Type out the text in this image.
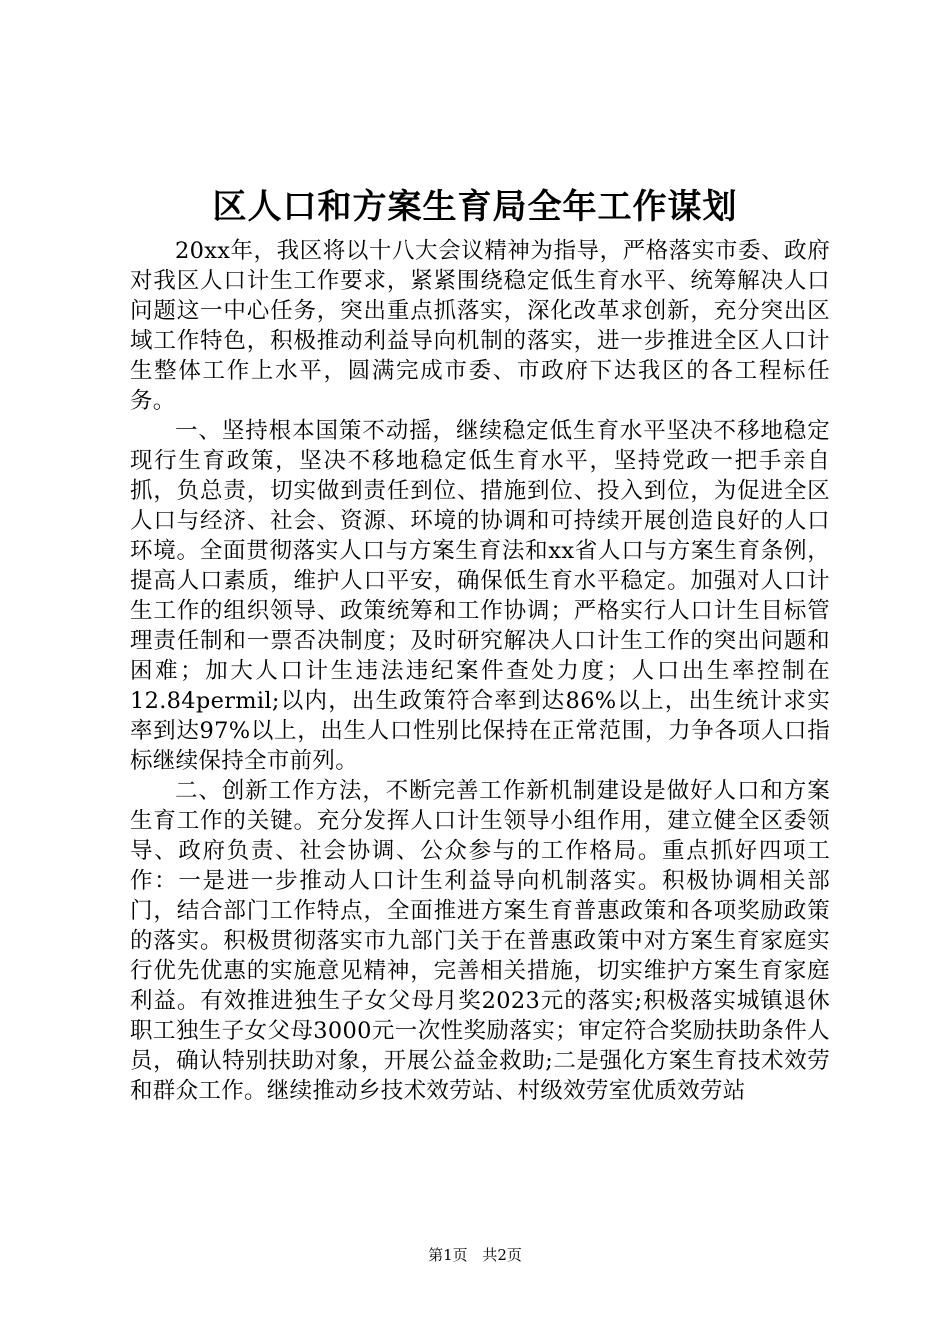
区人口和方案生育局全年工作谋划

20xx年，我区将以十八大会议精神为指导，严格落实市委、政府对我区人口计生工作要求，紧紧围绕稳定低生育水平、统筹解决人口问题这一中心任务，突出重点抓落实，深化改革求创新，充分突出区域工作特色，积极推动利益导向机制的落实，进一步推进全区人口计生整体工作上水平，圆满完成市委、市政府下达我区的各工程标任务。

一、坚持根本国策不动摇，继续稳定低生育水平坚决不移地稳定现行生育政策，坚决不移地稳定低生育水平，坚持党政一把手亲自抓，负总责，切实做到责任到位、措施到位、投入到位，为促进全区人口与经济、社会、资源、环境的协调和可持续开展创造良好的人口环境。全面贯彻落实人口与方案生育法和xx省人口与方案生育条例，提高人口素质，维护人口平安，确保低生育水平稳定。加强对人口计生工作的组织领导、政策统筹和工作协调；严格实行人口计生目标管理责任制和一票否决制度；及时研究解决人口计生工作的突出问题和困难；加大人口计生违法违纪案件查处力度；人口出生率控制在12.84permil;以内，出生政策符合率到达86%以上，出生统计求实率到达97%以上，出生人口性别比保持在正常范围，力争各项人口指标继续保持全市前列。

二、创新工作方法，不断完善工作新机制建设是做好人口和方案生育工作的关键。充分发挥人口计生领导小组作用，建立健全区委领导、政府负责、社会协调、公众参与的工作格局。重点抓好四项工作：一是进一步推动人口计生利益导向机制落实。积极协调相关部门，结合部门工作特点，全面推进方案生育普惠政策和各项奖励政策的落实。积极贯彻落实市九部门关于在普惠政策中对方案生育家庭实行优先优惠的实施意见精神，完善相关措施，切实维护方案生育家庭利益。有效推进独生子女父母月奖2023元的落实;积极落实城镇退休职工独生子女父母3000元一次性奖励落实；审定符合奖励扶助条件人员，确认特别扶助对象，开展公益金救助;二是强化方案生育技术效劳和群众工作。继续推动乡技术效劳站、村级效劳室优质效劳站

第1页 共2页
